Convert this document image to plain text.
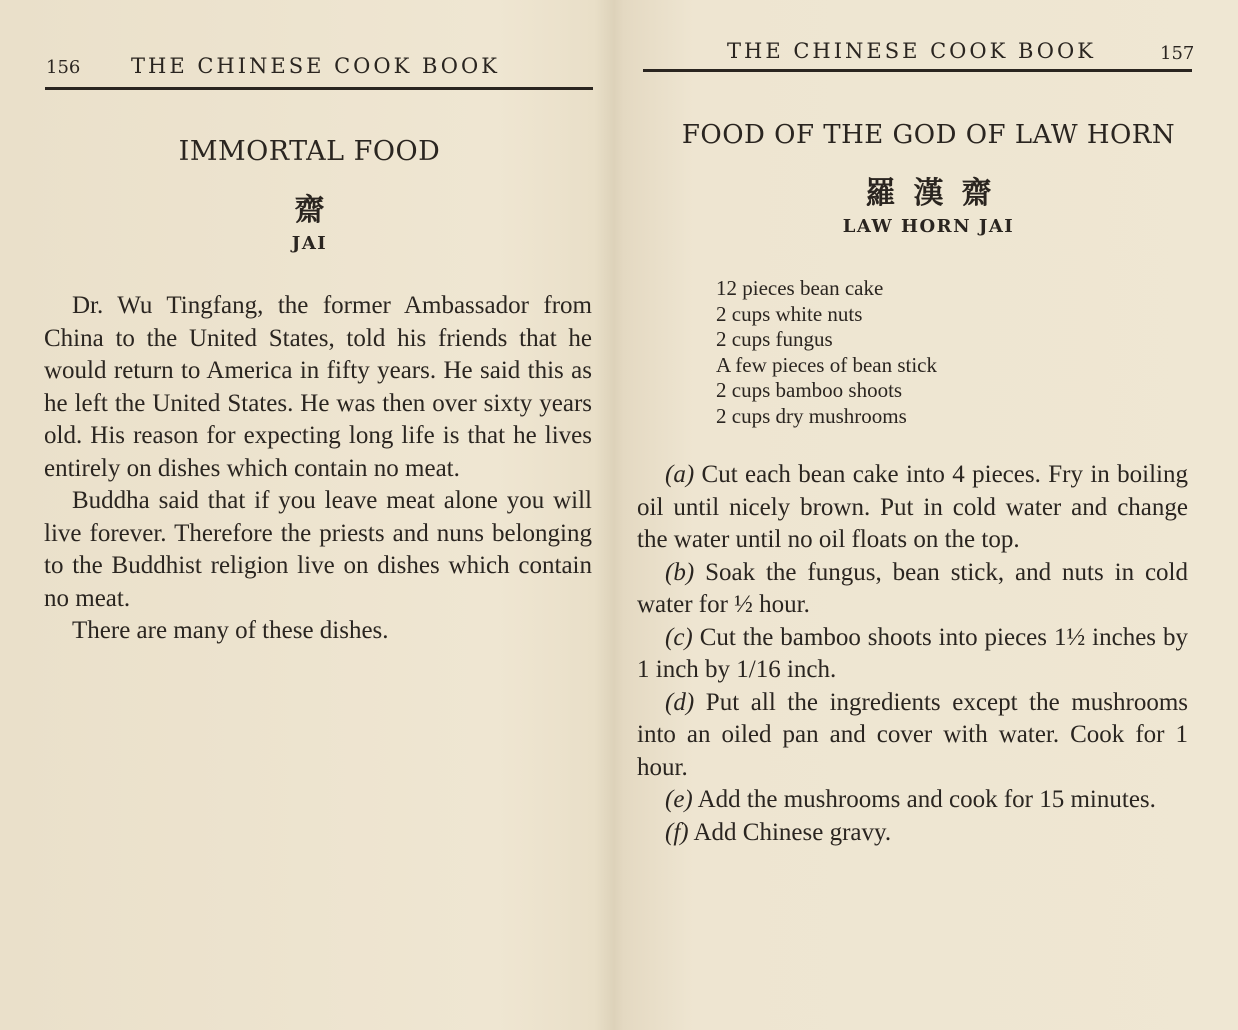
156 THE CHINESE COOK BOOK
IMMORTAL FOOD
齋
JAI

Dr. Wu Tingfang, the former Ambassador from China to the United States, told his friends that he would return to America in fifty years. He said this as he left the United States. He was then over sixty years old. His reason for expecting long life is that he lives entirely on dishes which contain no meat.

Buddha said that if you leave meat alone you will live forever. Therefore the priests and nuns belonging to the Buddhist religion live on dishes which contain no meat.

There are many of these dishes.

THE CHINESE COOK BOOK	157
FOOD OF THE GOD OF LAW HORN
羅漢齋
LAW HORN JAI
12 pieces bean cake
2 cups white nuts
2 cups fungus
A few pieces of bean stick
2 cups bamboo shoots
2 cups dry mushrooms

(a) Cut each bean cake into 4 pieces. Fry in boiling oil until nicely brown. Put in cold water and change the water until no oil floats on the top.

(b) Soak the fungus, bean stick, and nuts in cold water for ½ hour.

(c) Cut the bamboo shoots into pieces 1½ inches by 1 inch by 1/16 inch.

(d) Put all the ingredients except the mushrooms into an oiled pan and cover with water. Cook for 1 hour.

(e) Add the mushrooms and cook for 15 minutes.

(f) Add Chinese gravy.
